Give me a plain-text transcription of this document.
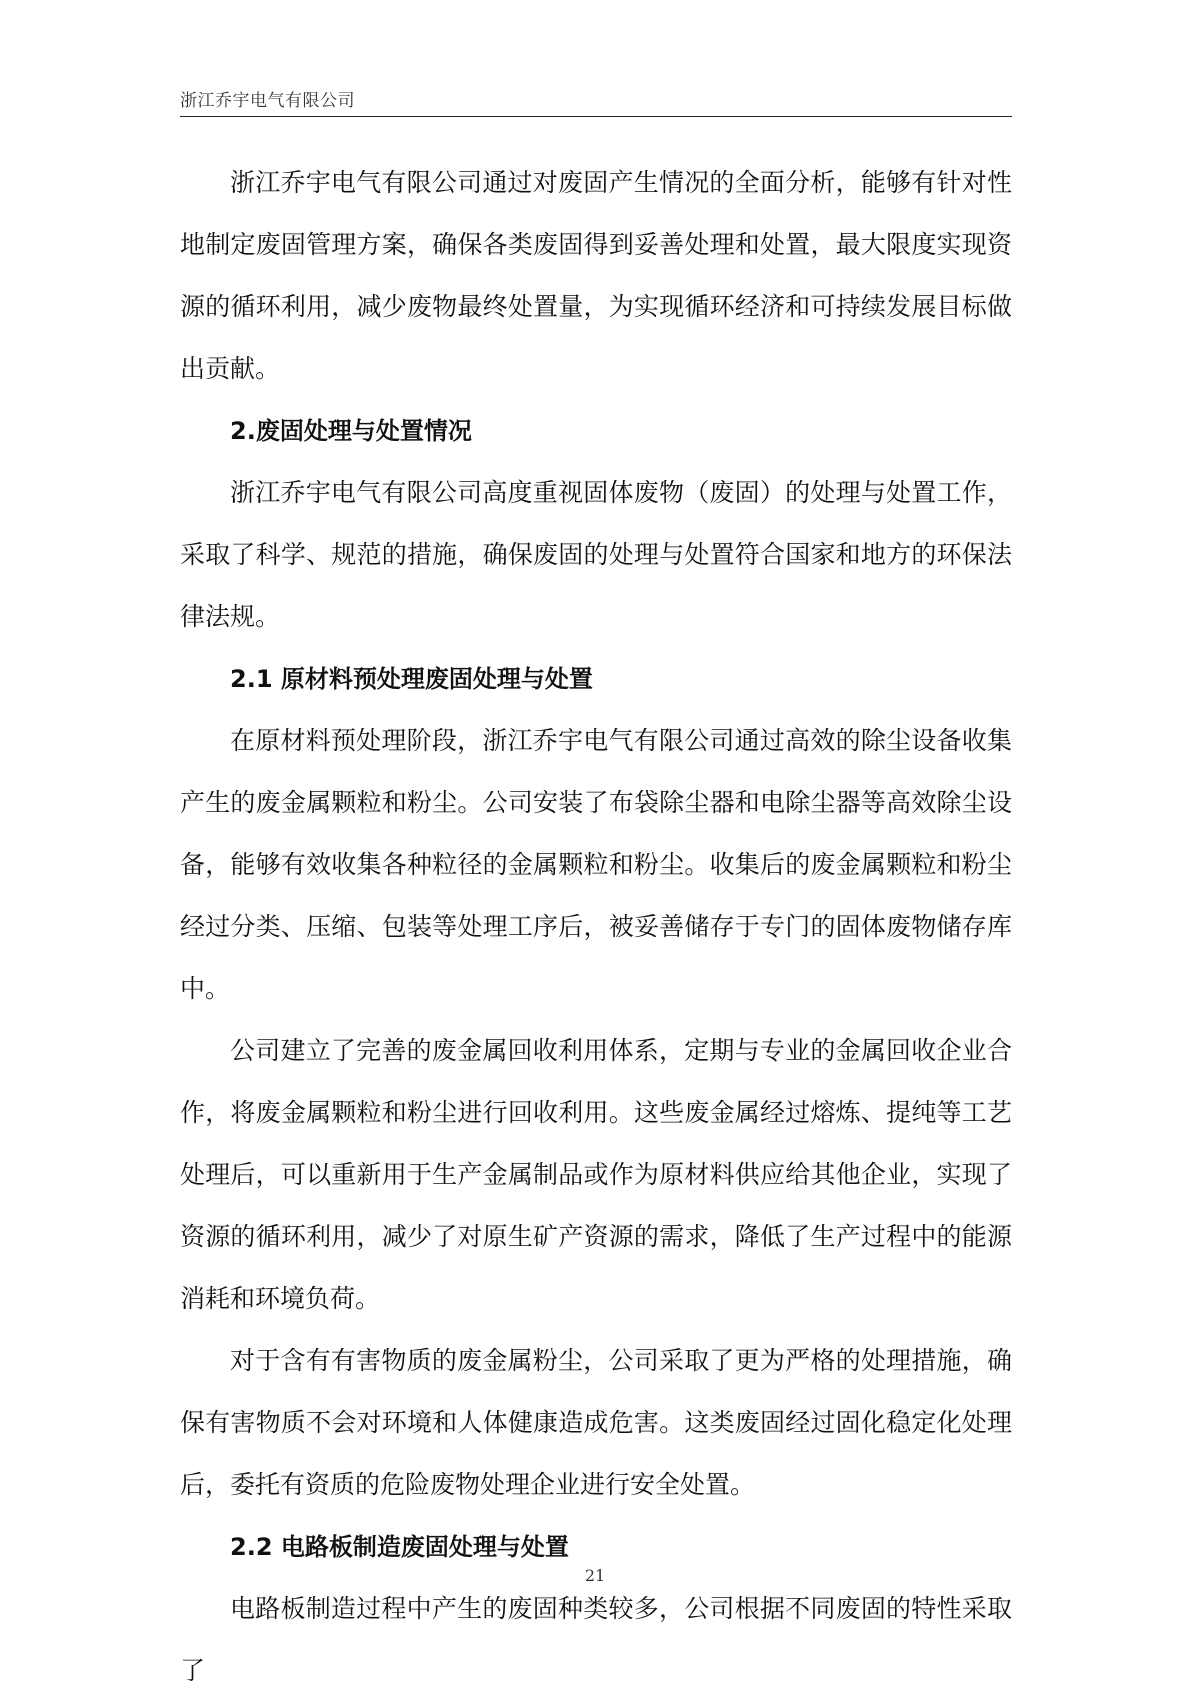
浙江乔宇电气有限公司

浙江乔宇电气有限公司通过对废固产生情况的全面分析，能够有针对性地制定废固管理方案，确保各类废固得到妥善处理和处置，最大限度实现资源的循环利用，减少废物最终处置量，为实现循环经济和可持续发展目标做出贡献。

2.废固处理与处置情况

浙江乔宇电气有限公司高度重视固体废物（废固）的处理与处置工作，采取了科学、规范的措施，确保废固的处理与处置符合国家和地方的环保法律法规。

2.1 原材料预处理废固处理与处置

在原材料预处理阶段，浙江乔宇电气有限公司通过高效的除尘设备收集产生的废金属颗粒和粉尘。公司安装了布袋除尘器和电除尘器等高效除尘设备，能够有效收集各种粒径的金属颗粒和粉尘。收集后的废金属颗粒和粉尘经过分类、压缩、包装等处理工序后，被妥善储存于专门的固体废物储存库中。

公司建立了完善的废金属回收利用体系，定期与专业的金属回收企业合作，将废金属颗粒和粉尘进行回收利用。这些废金属经过熔炼、提纯等工艺处理后，可以重新用于生产金属制品或作为原材料供应给其他企业，实现了资源的循环利用，减少了对原生矿产资源的需求，降低了生产过程中的能源消耗和环境负荷。

对于含有有害物质的废金属粉尘，公司采取了更为严格的处理措施，确保有害物质不会对环境和人体健康造成危害。这类废固经过固化稳定化处理后，委托有资质的危险废物处理企业进行安全处置。

2.2 电路板制造废固处理与处置

电路板制造过程中产生的废固种类较多，公司根据不同废固的特性采取了

21
